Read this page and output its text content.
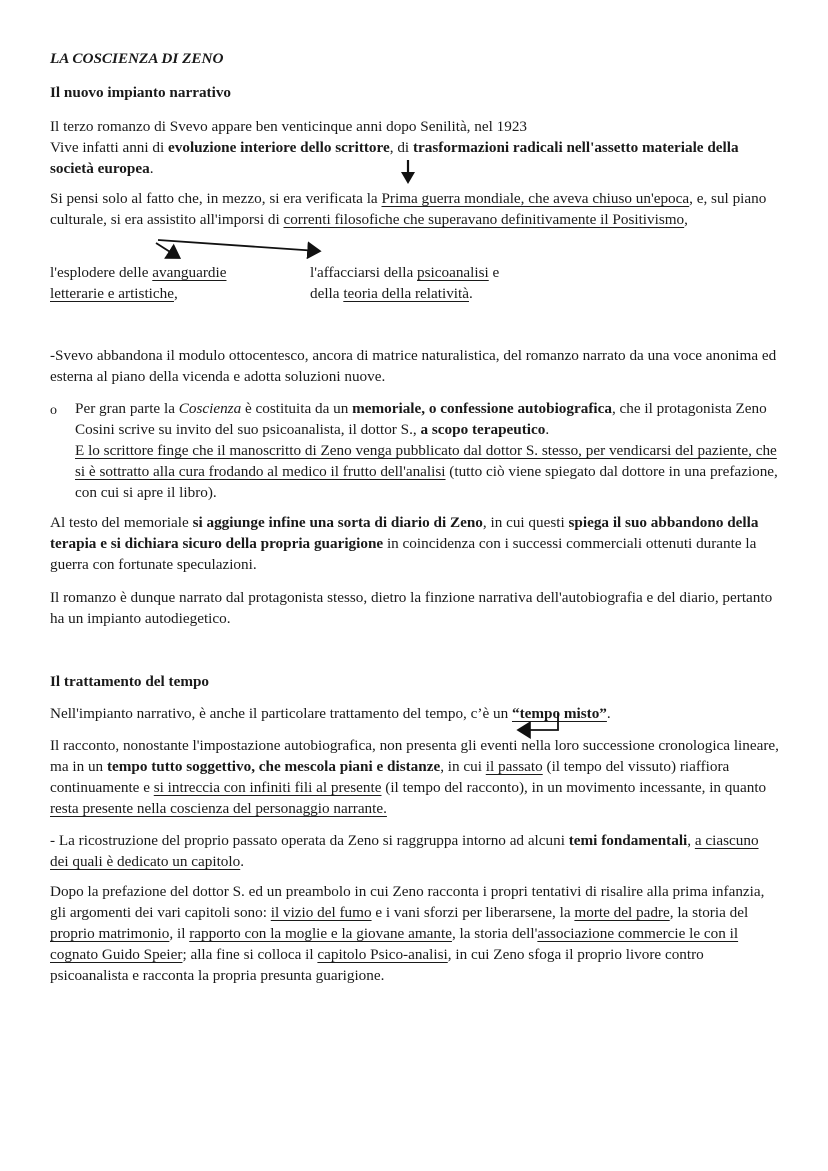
LA COSCIENZA DI ZENO

Il nuovo impianto narrativo

Il terzo romanzo di Svevo appare ben venticinque anni dopo Senilità, nel 1923
Vive infatti anni di evoluzione interiore dello scrittore, di trasformazioni radicali nell'assetto materiale della società europea.

Si pensi solo al fatto che, in mezzo, si era verificata la Prima guerra mondiale, che aveva chiuso un'epoca, e, sul piano culturale, si era assistito all'imporsi di correnti filosofiche che superavano definitivamente il Positivismo,

l'esplodere delle avanguardie
letterarie e artistiche,

l'affacciarsi della psicoanalisi e
della teoria della relatività.

-Svevo abbandona il modulo ottocentesco, ancora di matrice naturalistica, del romanzo narrato da una voce anonima ed esterna al piano della vicenda e adotta soluzioni nuove.

o Per gran parte la Coscienza è costituita da un memoriale, o confessione autobiografica, che il protagonista Zeno Cosini scrive su invito del suo psicoanalista, il dottor S., a scopo terapeutico.
E lo scrittore finge che il manoscritto di Zeno venga pubblicato dal dottor S. stesso, per vendicarsi del paziente, che si è sottratto alla cura frodando al medico il frutto dell'analisi (tutto ciò viene spiegato dal dottore in una prefazione, con cui si apre il libro).

Al testo del memoriale si aggiunge infine una sorta di diario di Zeno, in cui questi spiega il suo abbandono della terapia e si dichiara sicuro della propria guarigione in coincidenza con i successi commerciali ottenuti durante la guerra con fortunate speculazioni.

Il romanzo è dunque narrato dal protagonista stesso, dietro la finzione narrativa dell'autobiografia e del diario, pertanto ha un impianto autodiegetico.

Il trattamento del tempo

Nell'impianto narrativo, è anche il particolare trattamento del tempo, c’è un “tempo misto”.

Il racconto, nonostante l'impostazione autobiografica, non presenta gli eventi nella loro successione cronologica lineare, ma in un tempo tutto soggettivo, che mescola piani e distanze, in cui il passato (il tempo del vissuto) riaffiora continuamente e si intreccia con infiniti fili al presente (il tempo del racconto), in un movimento incessante, in quanto resta presente nella coscienza del personaggio narrante.

- La ricostruzione del proprio passato operata da Zeno si raggruppa intorno ad alcuni temi fondamentali, a ciascuno dei quali è dedicato un capitolo.

Dopo la prefazione del dottor S. ed un preambolo in cui Zeno racconta i propri tentativi di risalire alla prima infanzia, gli argomenti dei vari capitoli sono: il vizio del fumo e i vani sforzi per liberarsene, la morte del padre, la storia del proprio matrimonio, il rapporto con la moglie e la giovane amante, la storia dell'associazione commercie le con il cognato Guido Speier; alla fine si colloca il capitolo Psico-analisi, in cui Zeno sfoga il proprio livore contro psicoanalista e racconta la propria presunta guarigione.
